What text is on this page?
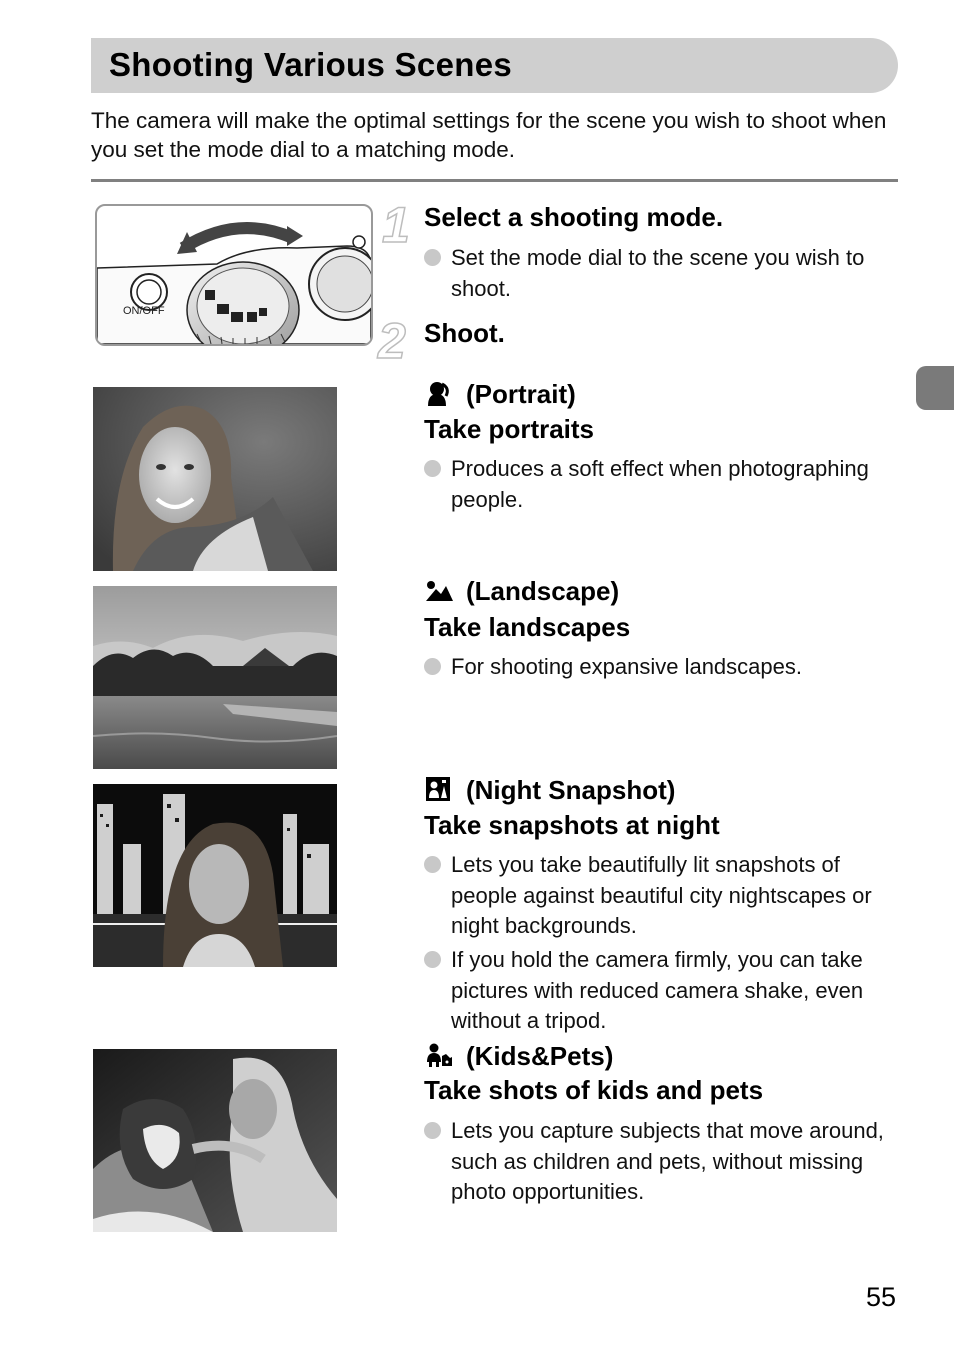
Shooting Various Scenes
The camera will make the optimal settings for the scene you wish to shoot when you set the mode dial to a matching mode.
ON/OFF
1 Select a shooting mode.
Set the mode dial to the scene you wish to shoot.
2 Shoot.
(Portrait)
Take portraits
Produces a soft effect when photographing people.
(Landscape)
Take landscapes
For shooting expansive landscapes.
(Night Snapshot)
Take snapshots at night
Lets you take beautifully lit snapshots of people against beautiful city nightscapes or night backgrounds.
If you hold the camera firmly, you can take pictures with reduced camera shake, even without a tripod.
(Kids&Pets)
Take shots of kids and pets
Lets you capture subjects that move around, such as children and pets, without missing photo opportunities.
55
